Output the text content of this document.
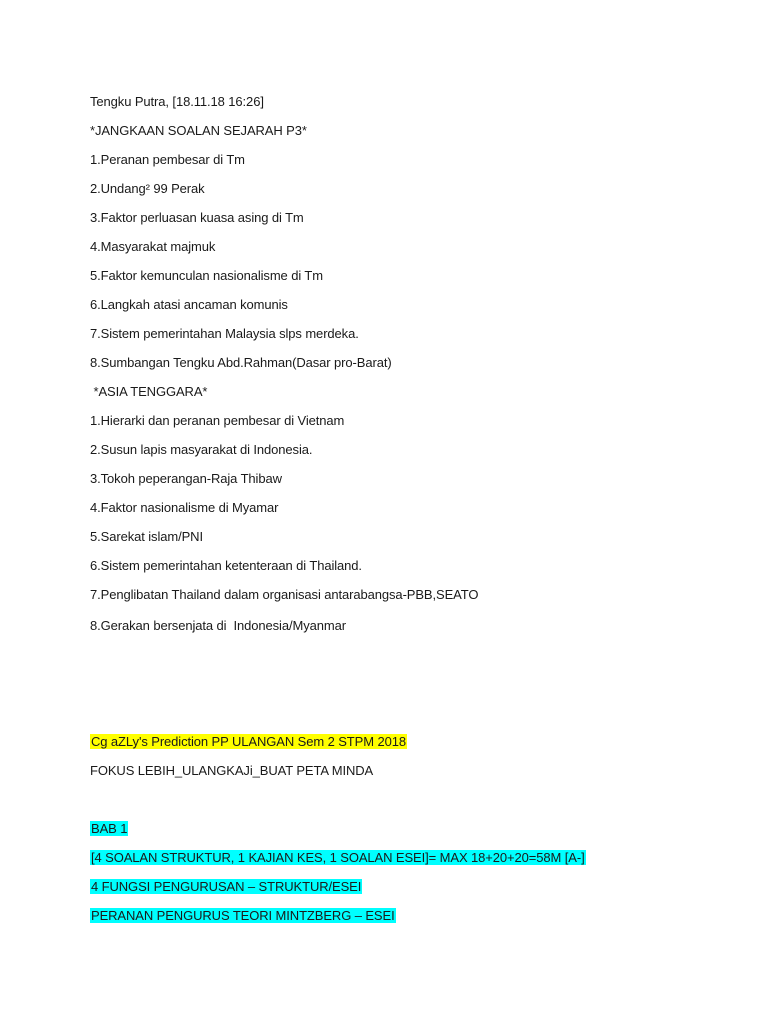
Tengku Putra, [18.11.18 16:26]
*JANGKAAN SOALAN SEJARAH P3*
1.Peranan pembesar di Tm
2.Undang² 99 Perak
3.Faktor perluasan kuasa asing di Tm
4.Masyarakat majmuk
5.Faktor kemunculan nasionalisme di Tm
6.Langkah atasi ancaman komunis
7.Sistem pemerintahan Malaysia slps merdeka.
8.Sumbangan Tengku Abd.Rahman(Dasar pro-Barat)
*ASIA TENGGARA*
1.Hierarki dan peranan pembesar di Vietnam
2.Susun lapis masyarakat di Indonesia.
3.Tokoh peperangan-Raja Thibaw
4.Faktor nasionalisme di Myamar
5.Sarekat islam/PNI
6.Sistem pemerintahan ketenteraan di Thailand.
7.Penglibatan Thailand dalam organisasi antarabangsa-PBB,SEATO
8.Gerakan bersenjata di  Indonesia/Myanmar
Cg aZLy's Prediction PP ULANGAN Sem 2 STPM 2018
FOKUS LEBIH_ULANGKAJi_BUAT PETA MINDA
BAB 1
[4 SOALAN STRUKTUR, 1 KAJIAN KES, 1 SOALAN ESEI]= MAX 18+20+20=58M [A-]
4 FUNGSI PENGURUSAN – STRUKTUR/ESEI
PERANAN PENGURUS TEORI MINTZBERG – ESEI
